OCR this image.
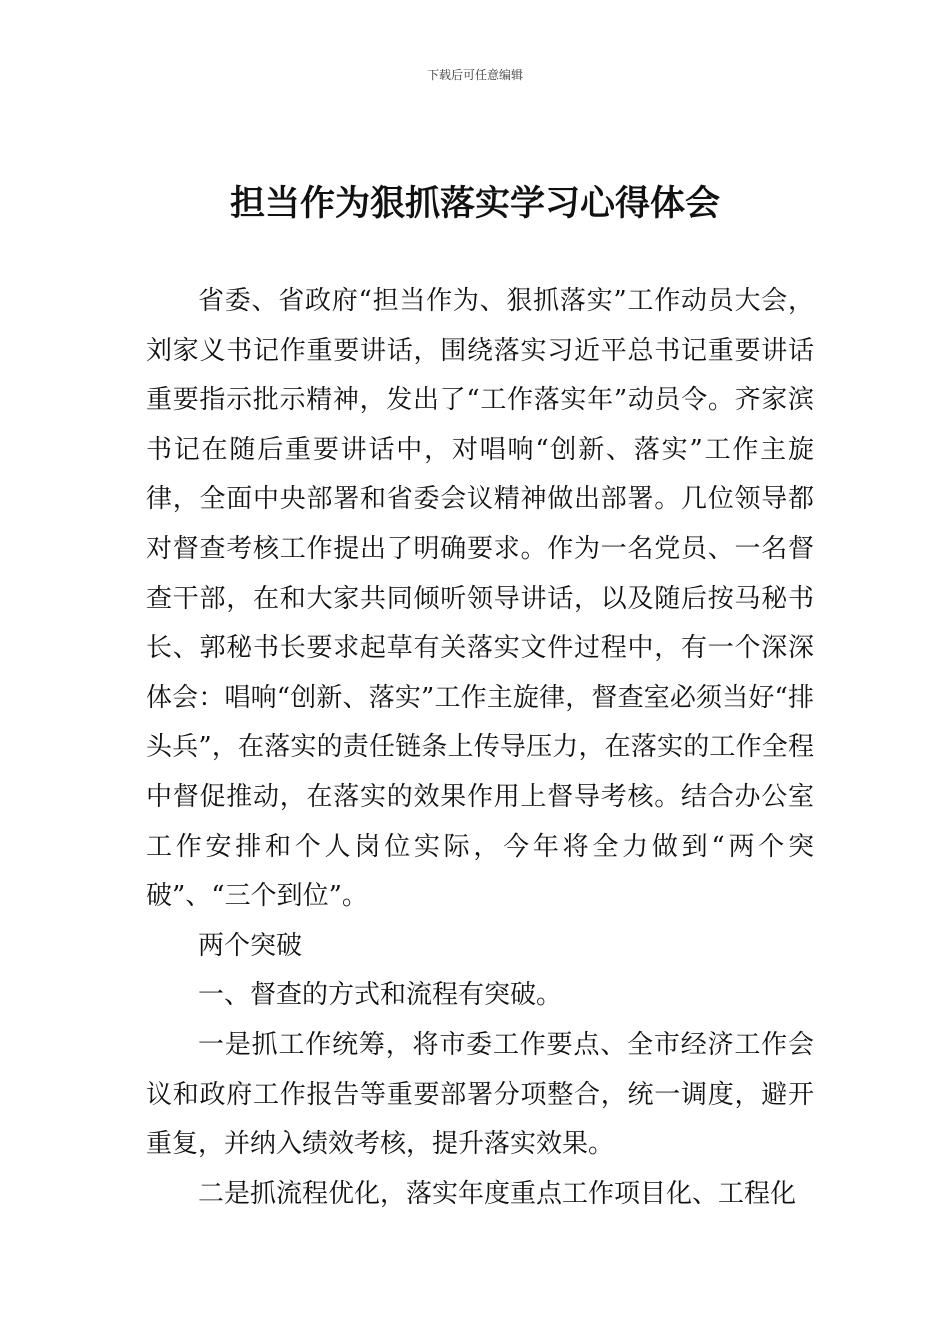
下载后可任意编辑
担当作为狠抓落实学习心得体会

省委、省政府“担当作为、狠抓落实”工作动员大会，刘家义书记作重要讲话，围绕落实习近平总书记重要讲话重要指示批示精神，发出了“工作落实年”动员令。齐家滨书记在随后重要讲话中，对唱响“创新、落实”工作主旋律，全面中央部署和省委会议精神做出部署。几位领导都对督查考核工作提出了明确要求。作为一名党员、一名督查干部，在和大家共同倾听领导讲话，以及随后按马秘书长、郭秘书长要求起草有关落实文件过程中，有一个深深体会：唱响“创新、落实”工作主旋律，督查室必须当好“排头兵”，在落实的责任链条上传导压力，在落实的工作全程中督促推动，在落实的效果作用上督导考核。结合办公室工作安排和个人岗位实际，今年将全力做到“两个突破”、“三个到位”。

两个突破

一、督查的方式和流程有突破。

一是抓工作统筹，将市委工作要点、全市经济工作会议和政府工作报告等重要部署分项整合，统一调度，避开重复，并纳入绩效考核，提升落实效果。

二是抓流程优化，落实年度重点工作项目化、工程化
